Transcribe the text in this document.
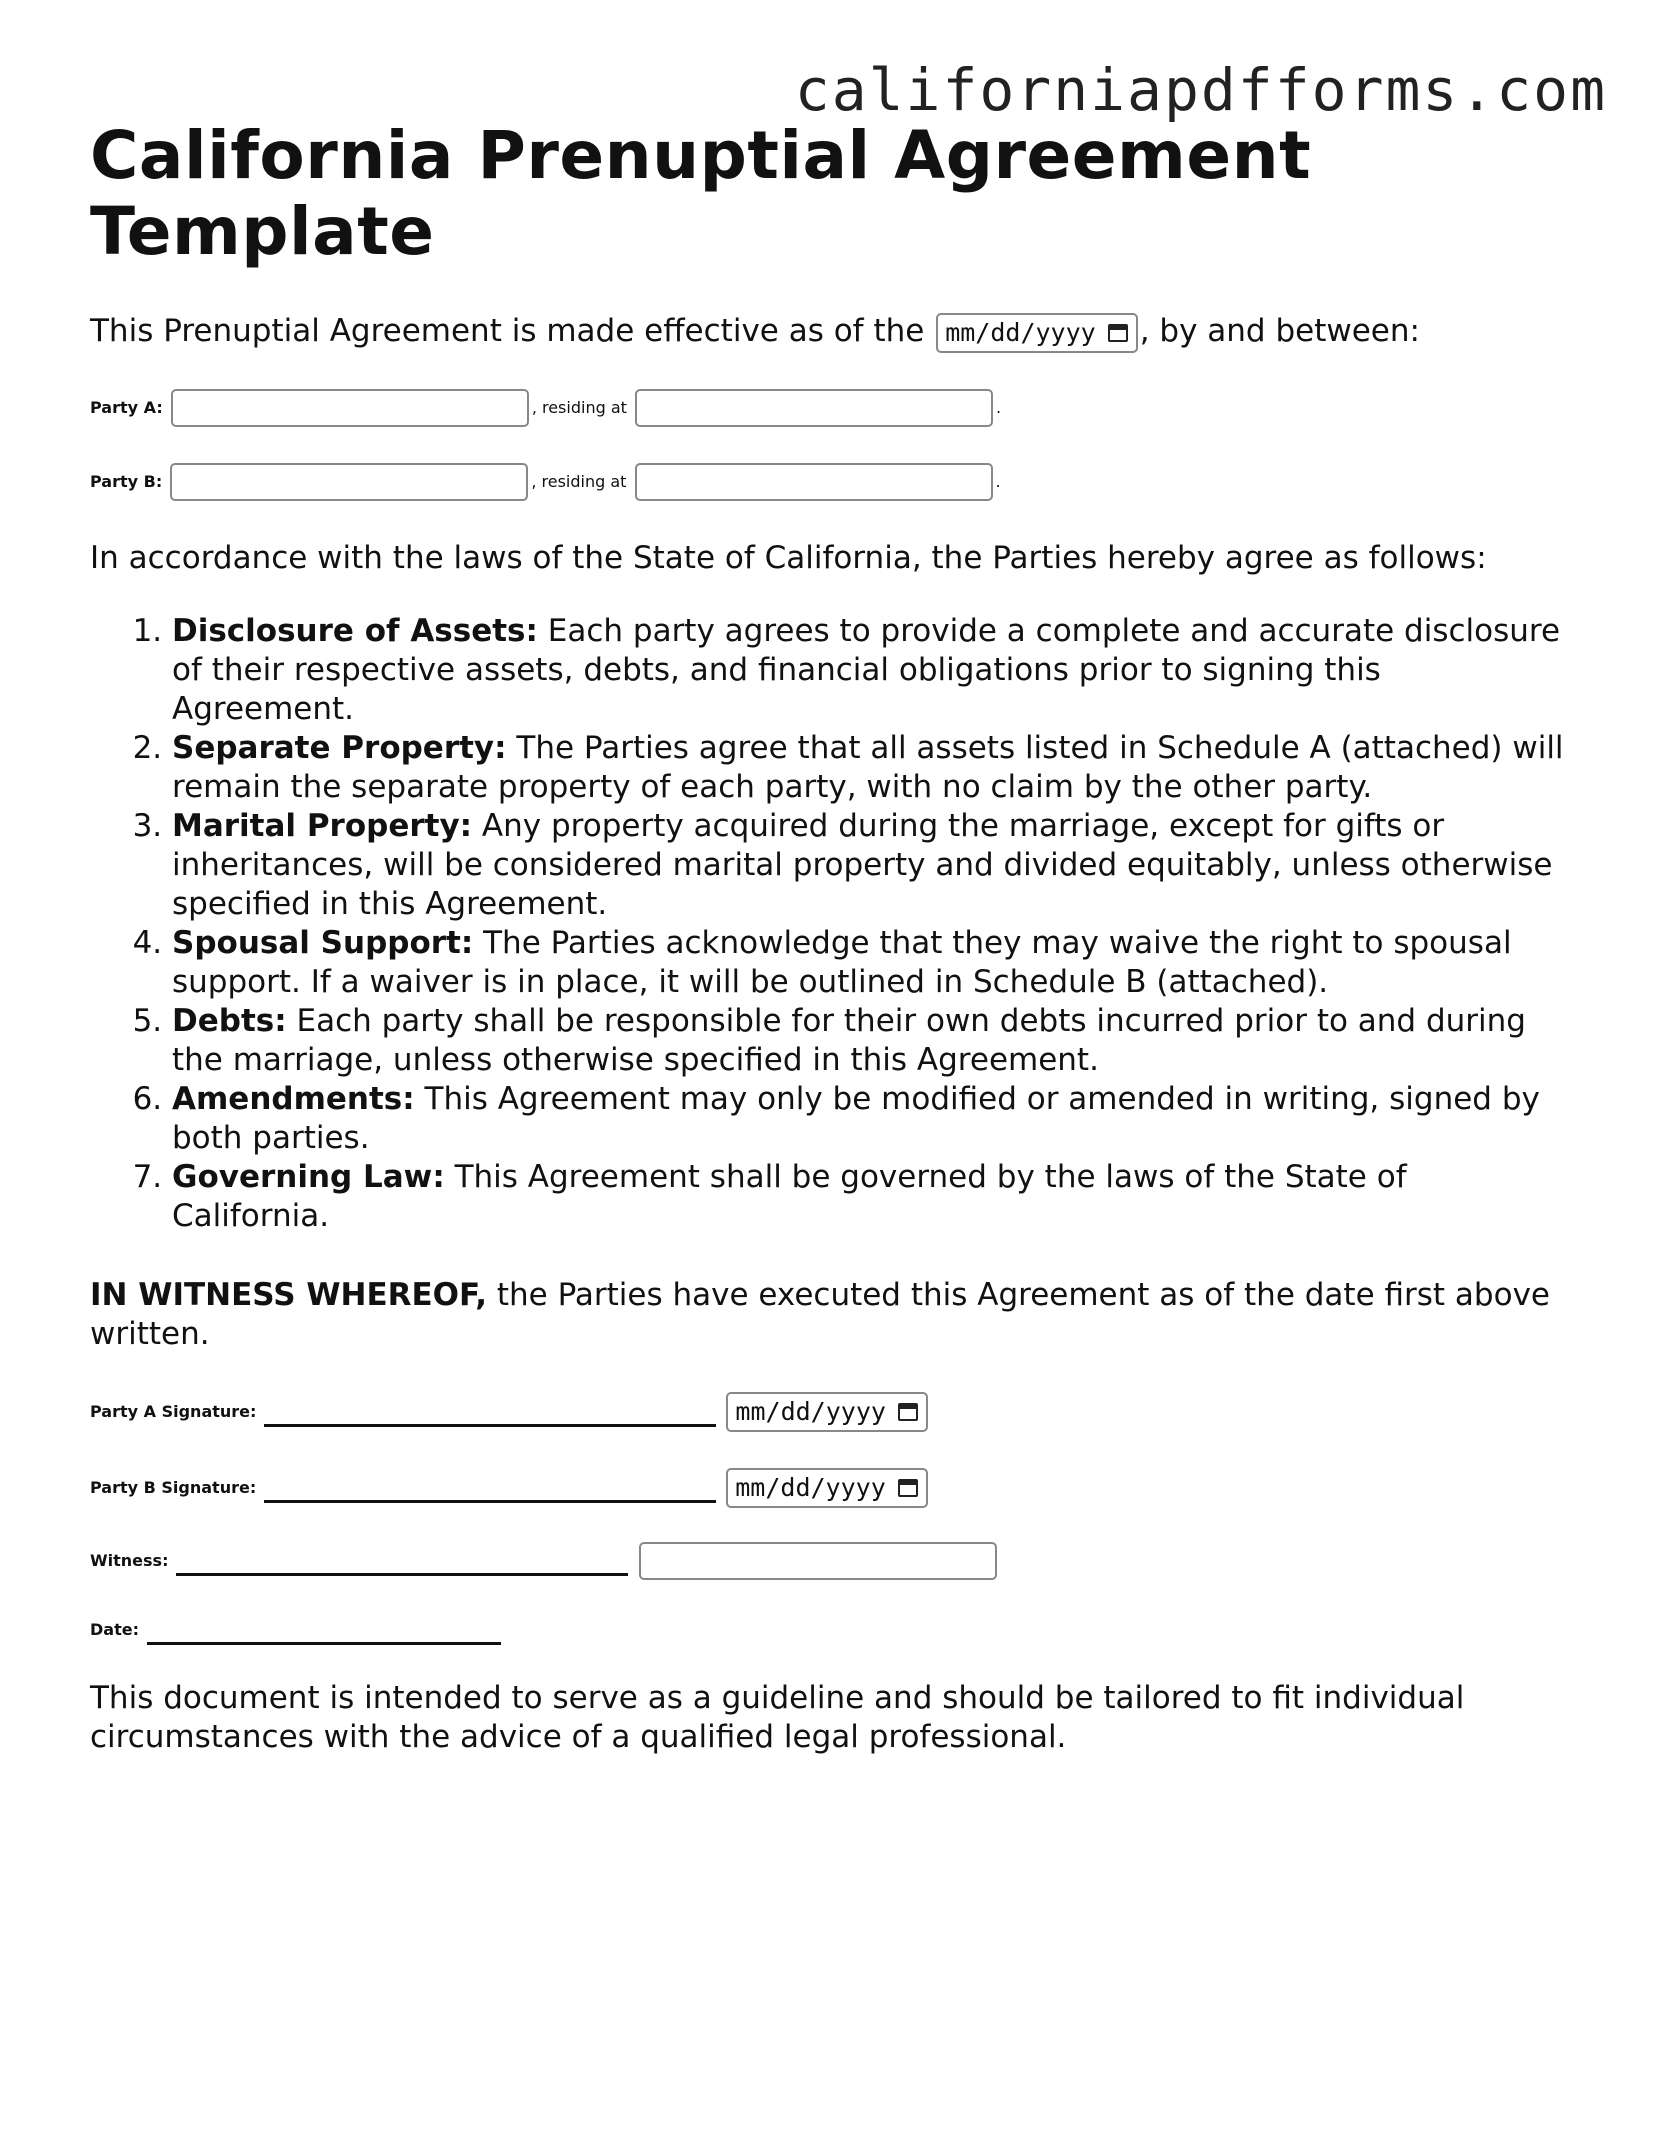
californiapdfforms.com
California Prenuptial Agreement Template

This Prenuptial Agreement is made effective as of the mm/dd/yyyy , by and between:

Party A:
	, residing at
	.
Party B:
	, residing at
	.

In accordance with the laws of the State of California, the Parties hereby agree as follows:

1. Disclosure of Assets: Each party agrees to provide a complete and accurate disclosure of their respective assets, debts, and financial obligations prior to signing this Agreement.
2. Separate Property: The Parties agree that all assets listed in Schedule A (attached) will remain the separate property of each party, with no claim by the other party.
3. Marital Property: Any property acquired during the marriage, except for gifts or inheritances, will be considered marital property and divided equitably, unless otherwise specified in this Agreement.
4. Spousal Support: The Parties acknowledge that they may waive the right to spousal support. If a waiver is in place, it will be outlined in Schedule B (attached).
5. Debts: Each party shall be responsible for their own debts incurred prior to and during the marriage, unless otherwise specified in this Agreement.
6. Amendments: This Agreement may only be modified or amended in writing, signed by both parties.
7. Governing Law: This Agreement shall be governed by the laws of the State of California.

IN WITNESS WHEREOF, the Parties have executed this Agreement as of the date first above written.

Party A Signature:	mm/dd/yyyy
Party B Signature:	mm/dd/yyyy
Witness:
Date:

This document is intended to serve as a guideline and should be tailored to fit individual circumstances with the advice of a qualified legal professional.
